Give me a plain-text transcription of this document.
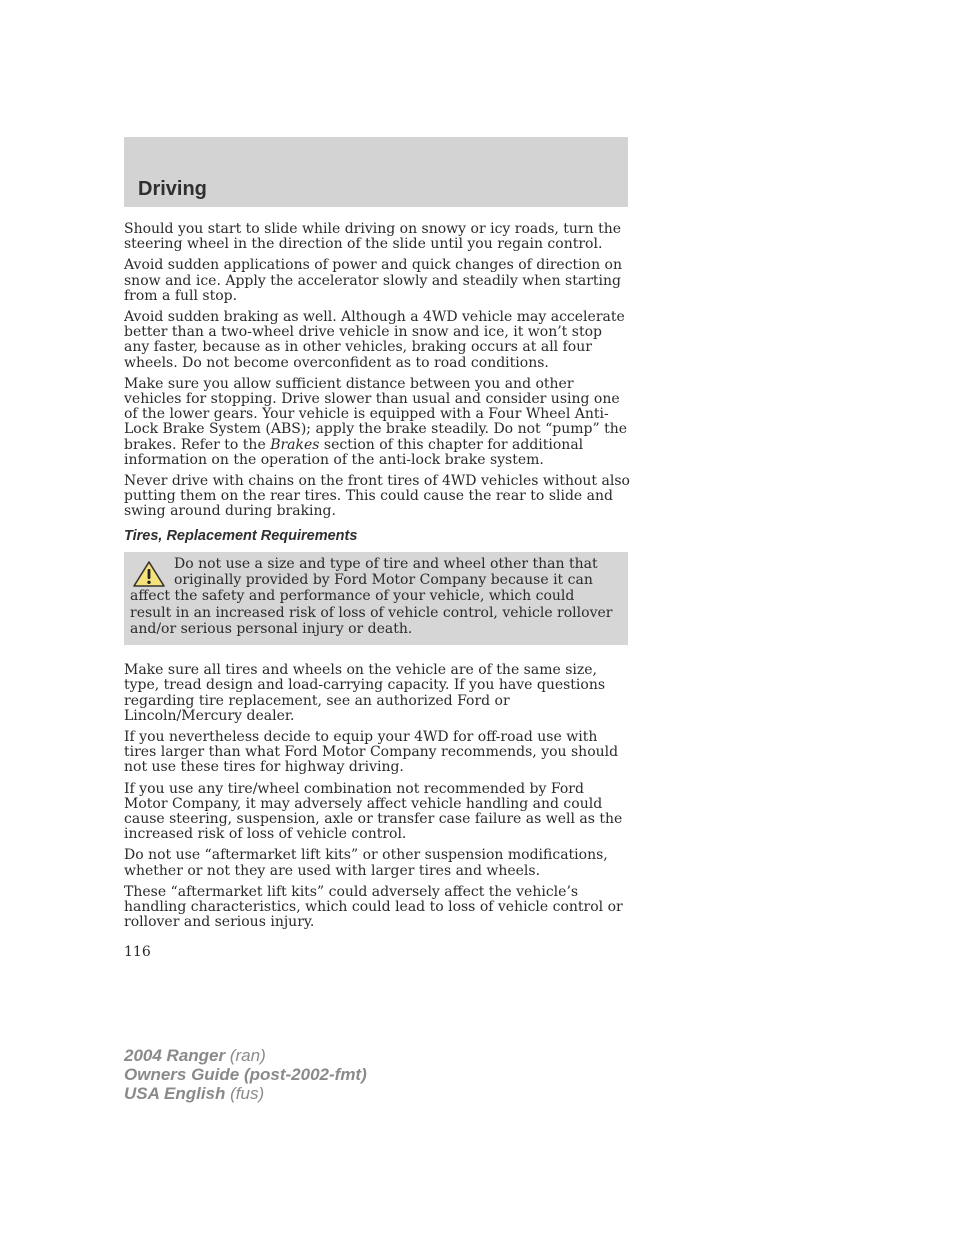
Driving

Should you start to slide while driving on snowy or icy roads, turn the steering wheel in the direction of the slide until you regain control.

Avoid sudden applications of power and quick changes of direction on snow and ice. Apply the accelerator slowly and steadily when starting from a full stop.

Avoid sudden braking as well. Although a 4WD vehicle may accelerate better than a two-wheel drive vehicle in snow and ice, it won’t stop any faster, because as in other vehicles, braking occurs at all four wheels. Do not become overconfident as to road conditions.

Make sure you allow sufficient distance between you and other vehicles for stopping. Drive slower than usual and consider using one of the lower gears. Your vehicle is equipped with a Four Wheel Anti-Lock Brake System (ABS); apply the brake steadily. Do not “pump” the brakes. Refer to the Brakes section of this chapter for additional information on the operation of the anti-lock brake system.

Never drive with chains on the front tires of 4WD vehicles without also putting them on the rear tires. This could cause the rear to slide and swing around during braking.

Tires, Replacement Requirements

Do not use a size and type of tire and wheel other than that originally provided by Ford Motor Company because it can affect the safety and performance of your vehicle, which could result in an increased risk of loss of vehicle control, vehicle rollover and/or serious personal injury or death.

Make sure all tires and wheels on the vehicle are of the same size, type, tread design and load-carrying capacity. If you have questions regarding tire replacement, see an authorized Ford or Lincoln/Mercury dealer.

If you nevertheless decide to equip your 4WD for off-road use with tires larger than what Ford Motor Company recommends, you should not use these tires for highway driving.

If you use any tire/wheel combination not recommended by Ford Motor Company, it may adversely affect vehicle handling and could cause steering, suspension, axle or transfer case failure as well as the increased risk of loss of vehicle control.

Do not use “aftermarket lift kits” or other suspension modifications, whether or not they are used with larger tires and wheels.

These “aftermarket lift kits” could adversely affect the vehicle’s handling characteristics, which could lead to loss of vehicle control or rollover and serious injury.

116
2004 Ranger (ran)
Owners Guide (post-2002-fmt)
USA English (fus)
